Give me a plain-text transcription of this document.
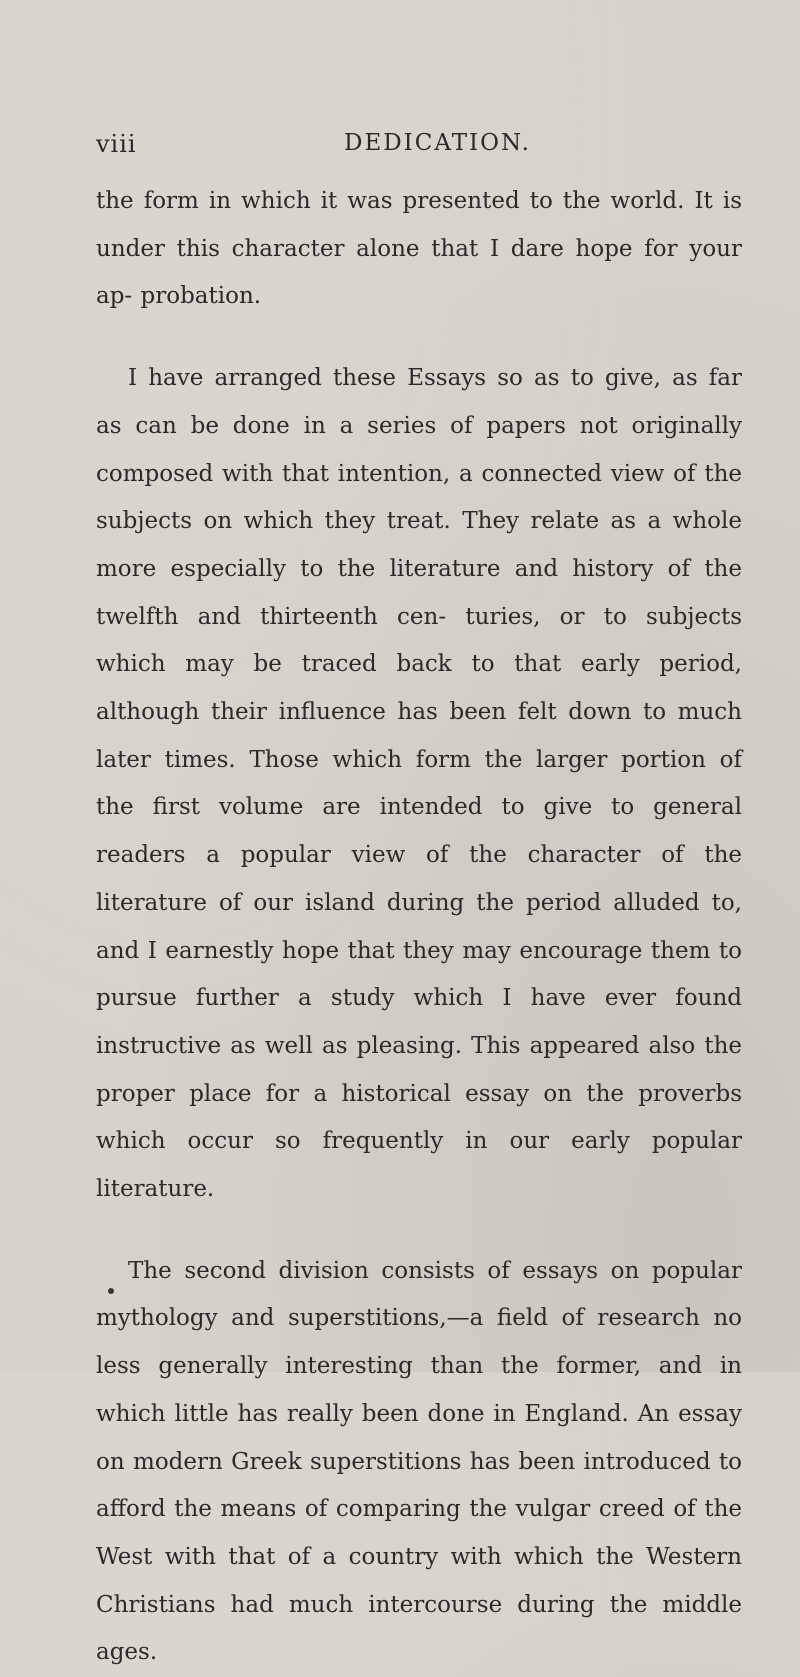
viii	DEDICATION.

the form in which it was presented to the world. It is under this character alone that I dare hope for your ap- probation.

I have arranged these Essays so as to give, as far as can be done in a series of papers not originally composed with that intention, a connected view of the subjects on which they treat. They relate as a whole more especially to the literature and history of the twelfth and thirteenth cen- turies, or to subjects which may be traced back to that early period, although their influence has been felt down to much later times. Those which form the larger portion of the first volume are intended to give to general readers a popular view of the character of the literature of our island during the period alluded to, and I earnestly hope that they may encourage them to pursue further a study which I have ever found instructive as well as pleasing. This appeared also the proper place for a historical essay on the proverbs which occur so frequently in our early popular literature.

The second division consists of essays on popular mythology and superstitions,—a field of research no less generally interesting than the former, and in which little has really been done in England. An essay on modern Greek superstitions has been introduced to afford the means of comparing the vulgar creed of the West with that of a country with which the Western Christians had much intercourse during the middle ages.
